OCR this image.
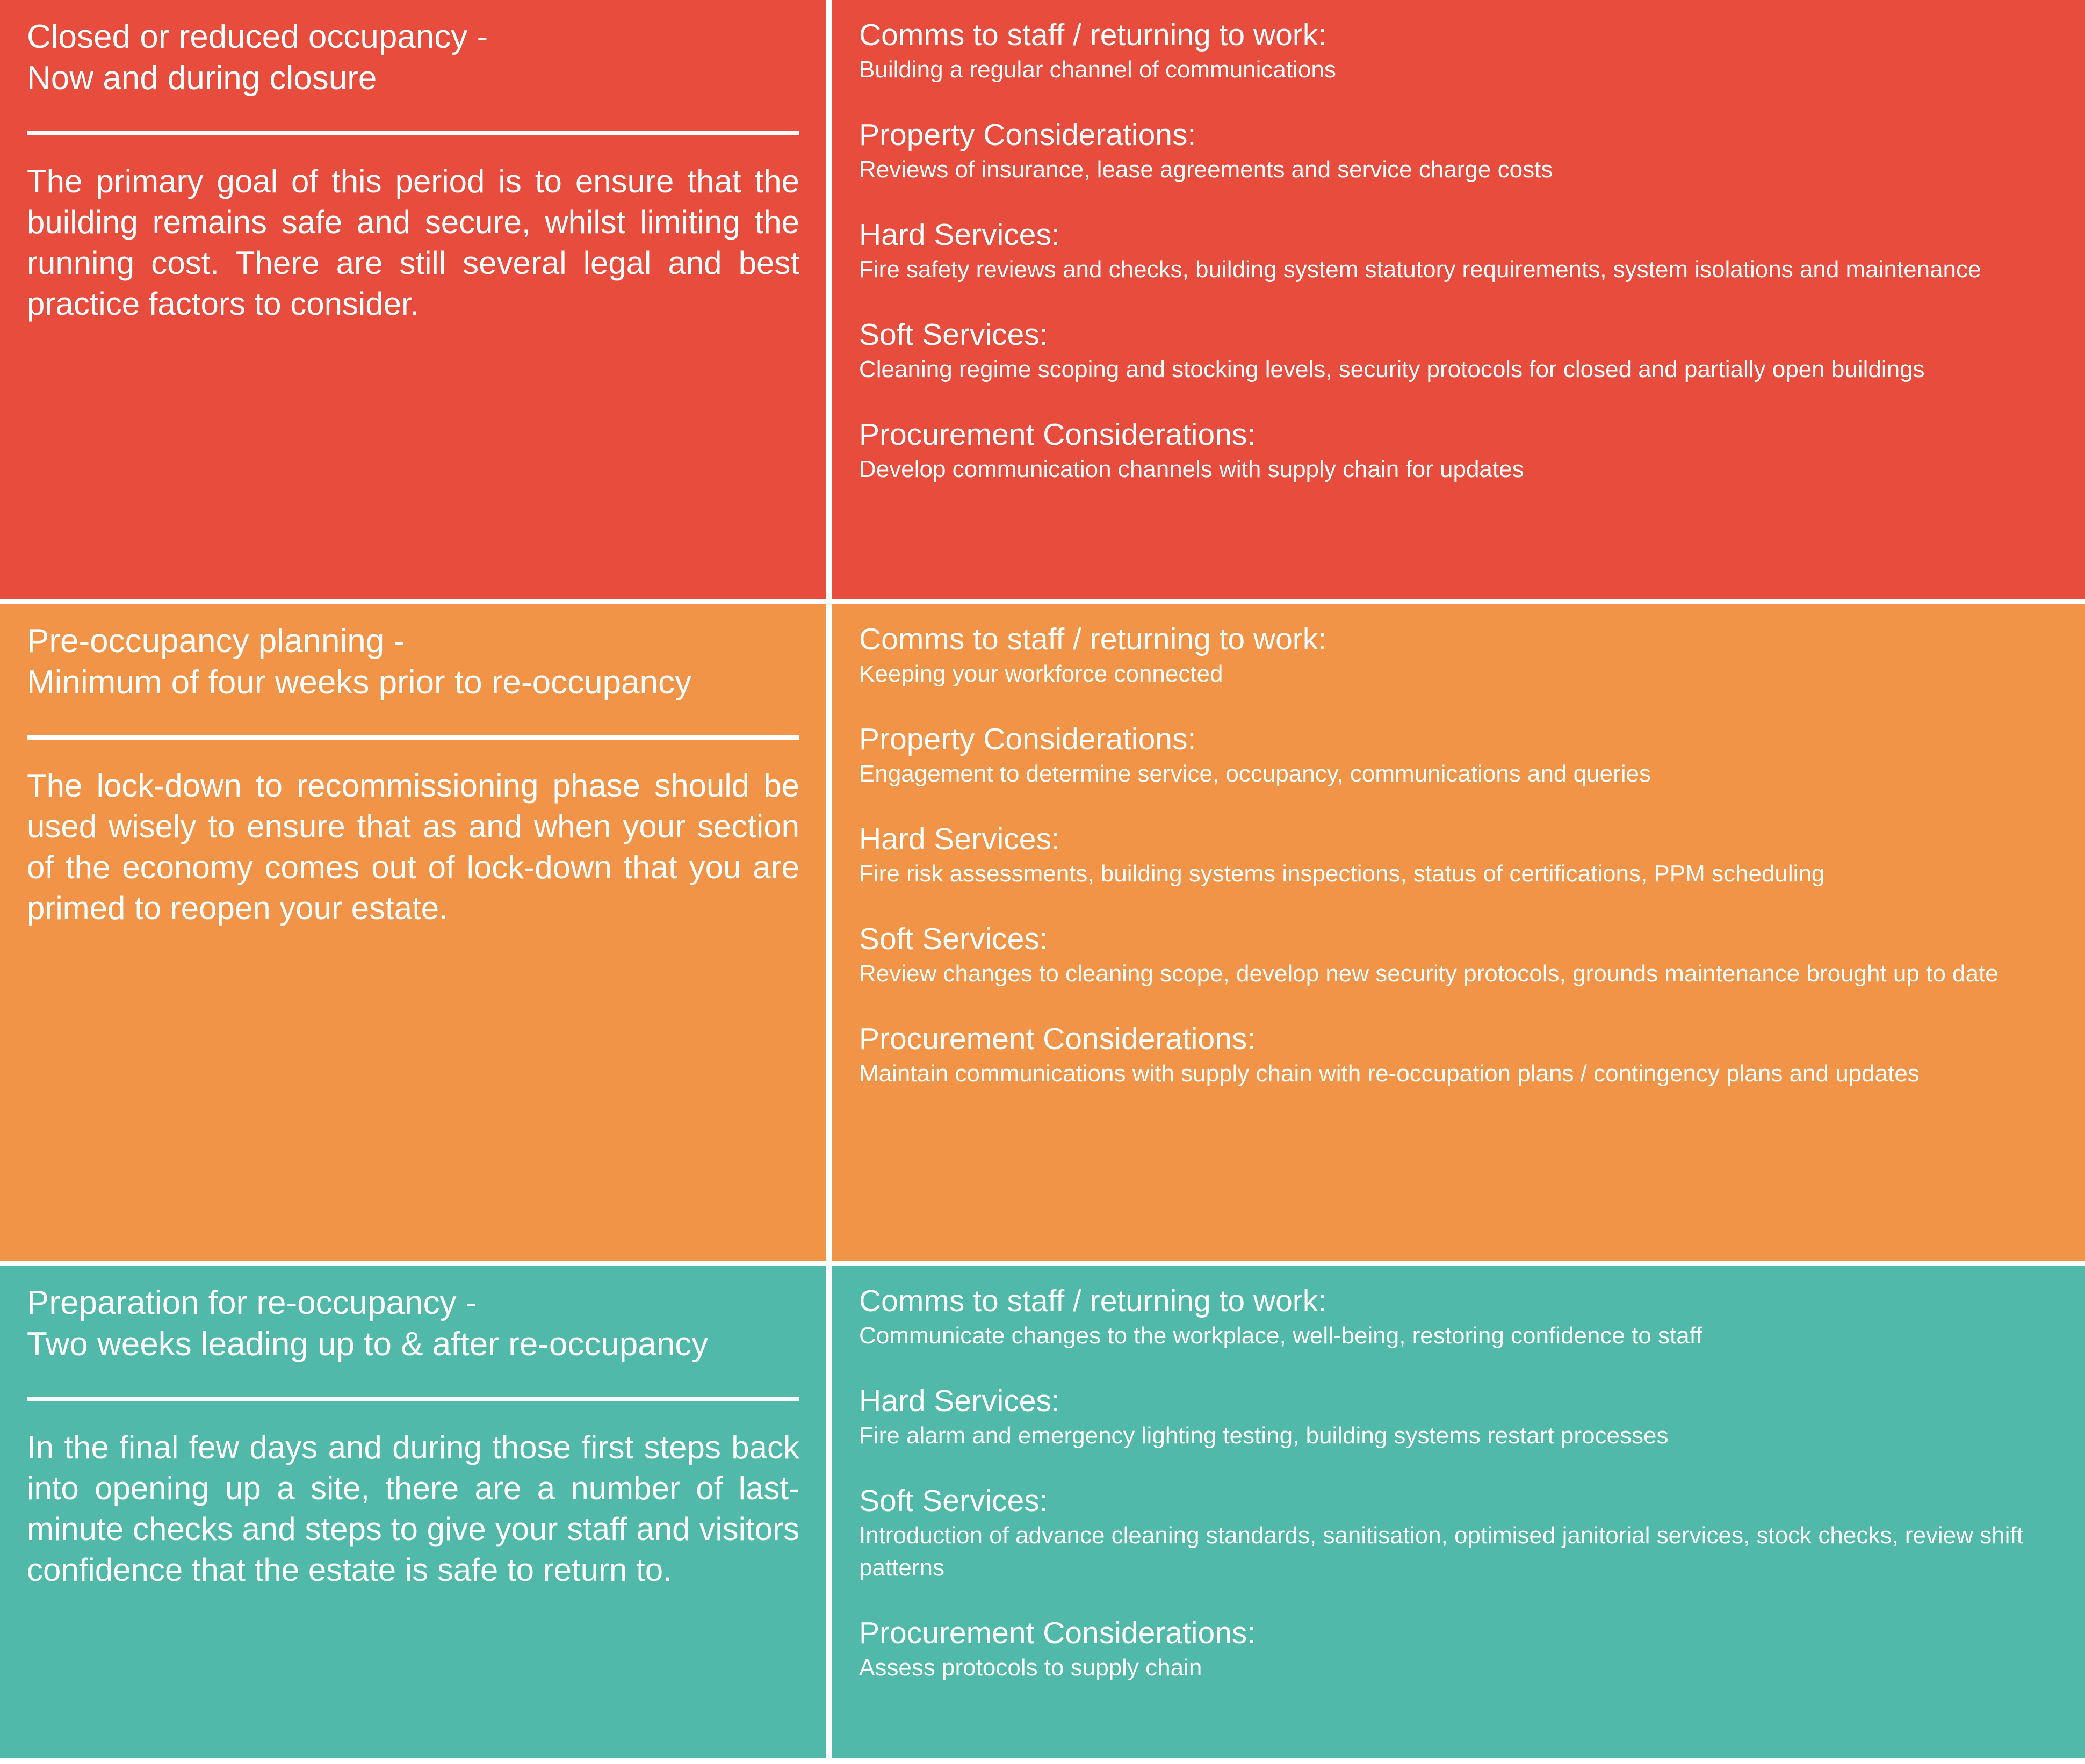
Closed or reduced occupancy -
Now and during closure

The primary goal of this period is to ensure that the building remains safe and secure, whilst limiting the running cost. There are still several legal and best practice factors to consider.

Comms to staff / returning to work:

Building a regular channel of communications

Property Considerations:

Reviews of insurance, lease agreements and service charge costs

Hard Services:

Fire safety reviews and checks, building system statutory requirements, system isolations and maintenance

Soft Services:

Cleaning regime scoping and stocking levels, security protocols for closed and partially open buildings

Procurement Considerations:

Develop communication channels with supply chain for updates

Pre-occupancy planning -
Minimum of four weeks prior to re-occupancy

The lock-down to recommissioning phase should be used wisely to ensure that as and when your section of the economy comes out of lock-down that you are primed to reopen your estate.

Comms to staff / returning to work:

Keeping your workforce connected

Property Considerations:

Engagement to determine service, occupancy, communications and queries

Hard Services:

Fire risk assessments, building systems inspections, status of certifications, PPM scheduling

Soft Services:

Review changes to cleaning scope, develop new security protocols, grounds maintenance brought up to date

Procurement Considerations:

Maintain communications with supply chain with re-occupation plans / contingency plans and updates

Preparation for re-occupancy -
Two weeks leading up to & after re-occupancy

In the final few days and during those first steps back into opening up a site, there are a number of last-minute checks and steps to give your staff and visitors confidence that the estate is safe to return to.

Comms to staff / returning to work:

Communicate changes to the workplace, well-being, restoring confidence to staff

Hard Services:

Fire alarm and emergency lighting testing, building systems restart processes

Soft Services:

Introduction of advance cleaning standards, sanitisation, optimised janitorial services, stock checks, review shift patterns

Procurement Considerations:

Assess protocols to supply chain
